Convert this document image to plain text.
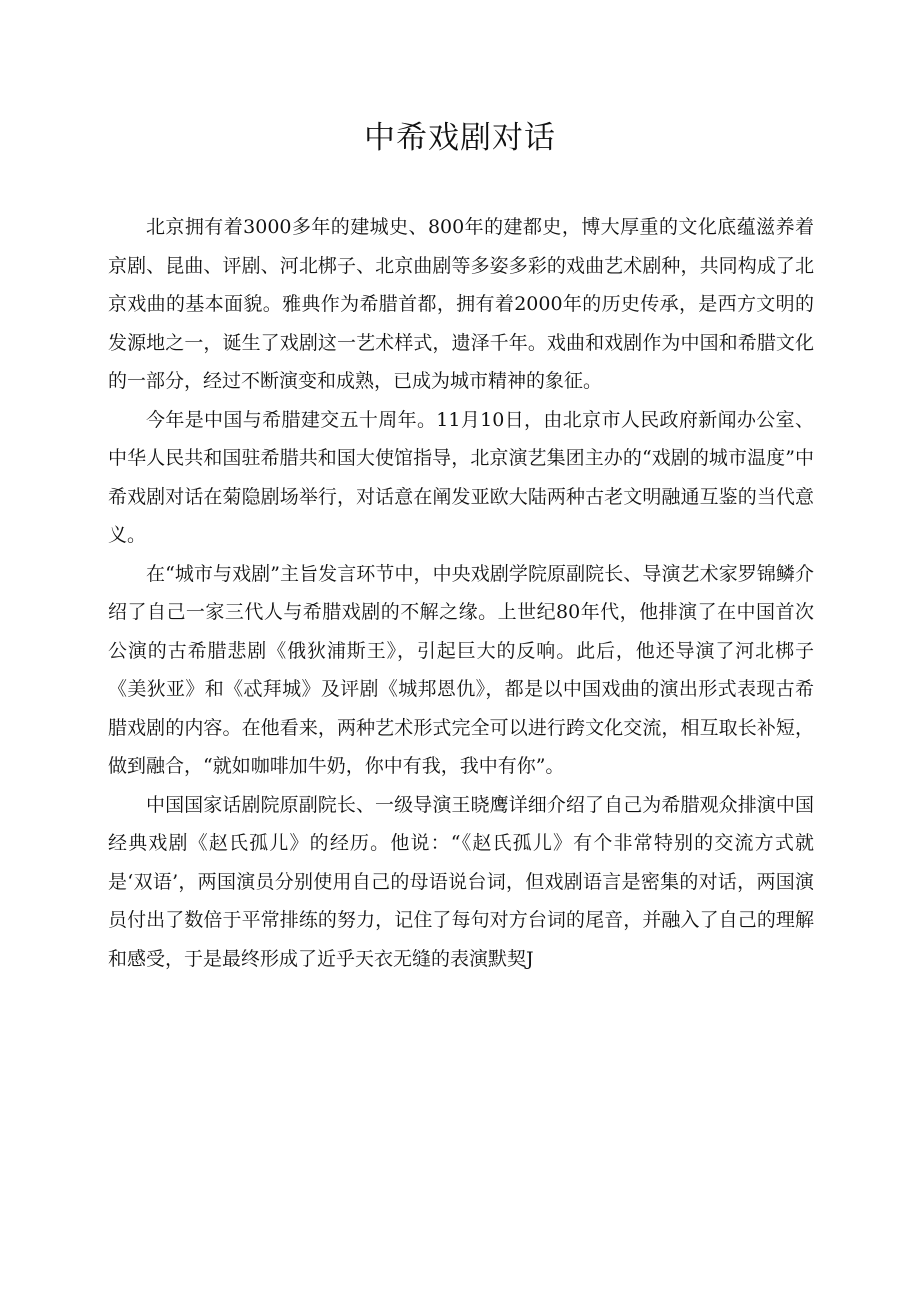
中希戏剧对话

北京拥有着3000多年的建城史、800年的建都史，博大厚重的文化底蕴滋养着京剧、昆曲、评剧、河北梆子、北京曲剧等多姿多彩的戏曲艺术剧种，共同构成了北京戏曲的基本面貌。雅典作为希腊首都，拥有着2000年的历史传承，是西方文明的发源地之一，诞生了戏剧这一艺术样式，遗泽千年。戏曲和戏剧作为中国和希腊文化的一部分，经过不断演变和成熟，已成为城市精神的象征。

今年是中国与希腊建交五十周年。11月10日，由北京市人民政府新闻办公室、中华人民共和国驻希腊共和国大使馆指导，北京演艺集团主办的“戏剧的城市温度”中希戏剧对话在菊隐剧场举行，对话意在阐发亚欧大陆两种古老文明融通互鉴的当代意义。

在“城市与戏剧”主旨发言环节中，中央戏剧学院原副院长、导演艺术家罗锦鳞介绍了自己一家三代人与希腊戏剧的不解之缘。上世纪80年代，他排演了在中国首次公演的古希腊悲剧《俄狄浦斯王》，引起巨大的反响。此后，他还导演了河北梆子《美狄亚》和《忒拜城》及评剧《城邦恩仇》，都是以中国戏曲的演出形式表现古希腊戏剧的内容。在他看来，两种艺术形式完全可以进行跨文化交流，相互取长补短，做到融合，“就如咖啡加牛奶，你中有我，我中有你”。

中国国家话剧院原副院长、一级导演王晓鹰详细介绍了自己为希腊观众排演中国经典戏剧《赵氏孤儿》的经历。他说：“《赵氏孤儿》有个非常特别的交流方式就是‘双语’，两国演员分别使用自己的母语说台词，但戏剧语言是密集的对话，两国演员付出了数倍于平常排练的努力，记住了每句对方台词的尾音，并融入了自己的理解和感受，于是最终形成了近乎天衣无缝的表演默契J
